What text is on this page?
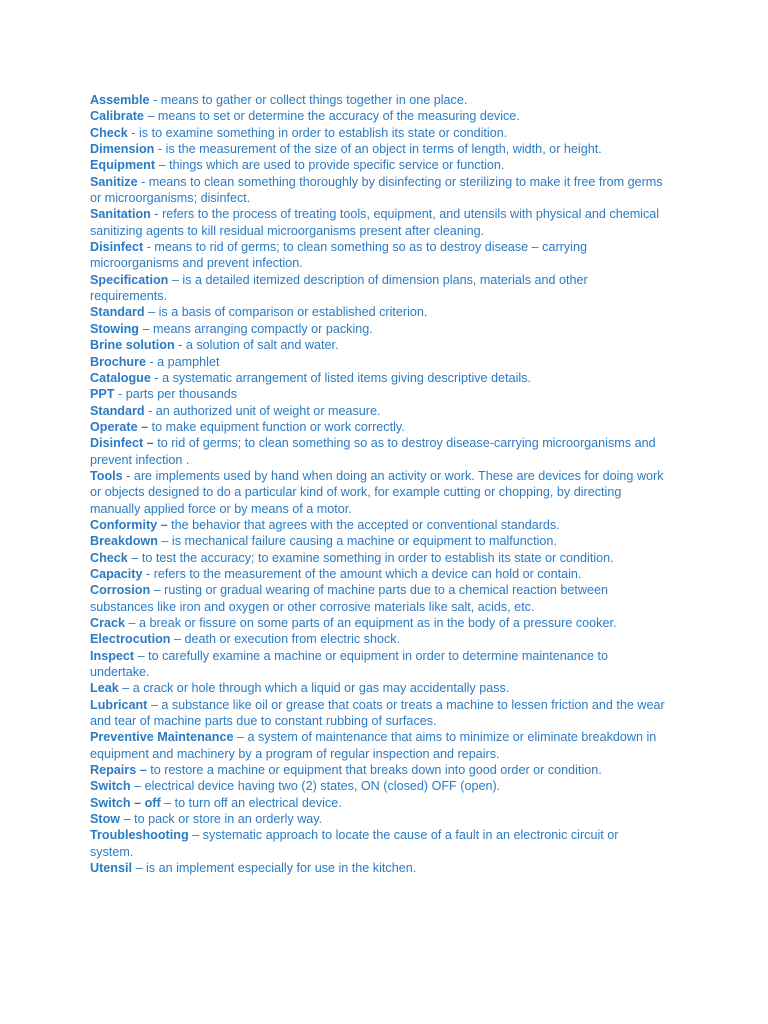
Assemble - means to gather or collect things together in one place.
Calibrate – means to set or determine the accuracy of the measuring device.
Check - is to examine something in order to establish its state or condition.
Dimension - is the measurement of the size of an object in terms of length, width, or height.
Equipment – things which are used to provide specific service or function.
Sanitize - means to clean something thoroughly by disinfecting or sterilizing to make it free from germs or microorganisms; disinfect.
Sanitation - refers to the process of treating tools, equipment, and utensils with physical and chemical sanitizing agents to kill residual microorganisms present after cleaning.
Disinfect - means to rid of germs; to clean something so as to destroy disease – carrying microorganisms and prevent infection.
Specification – is a detailed itemized description of dimension plans, materials and other requirements.
Standard – is a basis of comparison or established criterion.
Stowing – means arranging compactly or packing.
Brine solution - a solution of salt and water.
Brochure - a pamphlet
Catalogue - a systematic arrangement of listed items giving descriptive details.
PPT - parts per thousands
Standard - an authorized unit of weight or measure.
Operate – to make equipment function or work correctly.
Disinfect – to rid of germs; to clean something so as to destroy disease-carrying microorganisms and prevent infection .
Tools - are implements used by hand when doing an activity or work. These are devices for doing work or objects designed to do a particular kind of work, for example cutting or chopping, by directing manually applied force or by means of a motor.
Conformity – the behavior that agrees with the accepted or conventional standards.
Breakdown – is mechanical failure causing a machine or equipment to malfunction.
Check – to test the accuracy; to examine something in order to establish its state or condition.
Capacity - refers to the measurement of the amount which a device can hold or contain.
Corrosion – rusting or gradual wearing of machine parts due to a chemical reaction between substances like iron and oxygen or other corrosive materials like salt, acids, etc.
Crack – a break or fissure on some parts of an equipment as in the body of a pressure cooker.
Electrocution – death or execution from electric shock.
Inspect – to carefully examine a machine or equipment in order to determine maintenance to undertake.
Leak – a crack or hole through which a liquid or gas may accidentally pass.
Lubricant – a substance like oil or grease that coats or treats a machine to lessen friction and the wear and tear of machine parts due to constant rubbing of surfaces.
Preventive Maintenance – a system of maintenance that aims to minimize or eliminate breakdown in equipment and machinery by a program of regular inspection and repairs.
Repairs – to restore a machine or equipment that breaks down into good order or condition.
Switch – electrical device having two (2) states, ON (closed) OFF (open).
Switch – off – to turn off an electrical device.
Stow – to pack or store in an orderly way.
Troubleshooting – systematic approach to locate the cause of a fault in an electronic circuit or system.
Utensil – is an implement especially for use in the kitchen.
